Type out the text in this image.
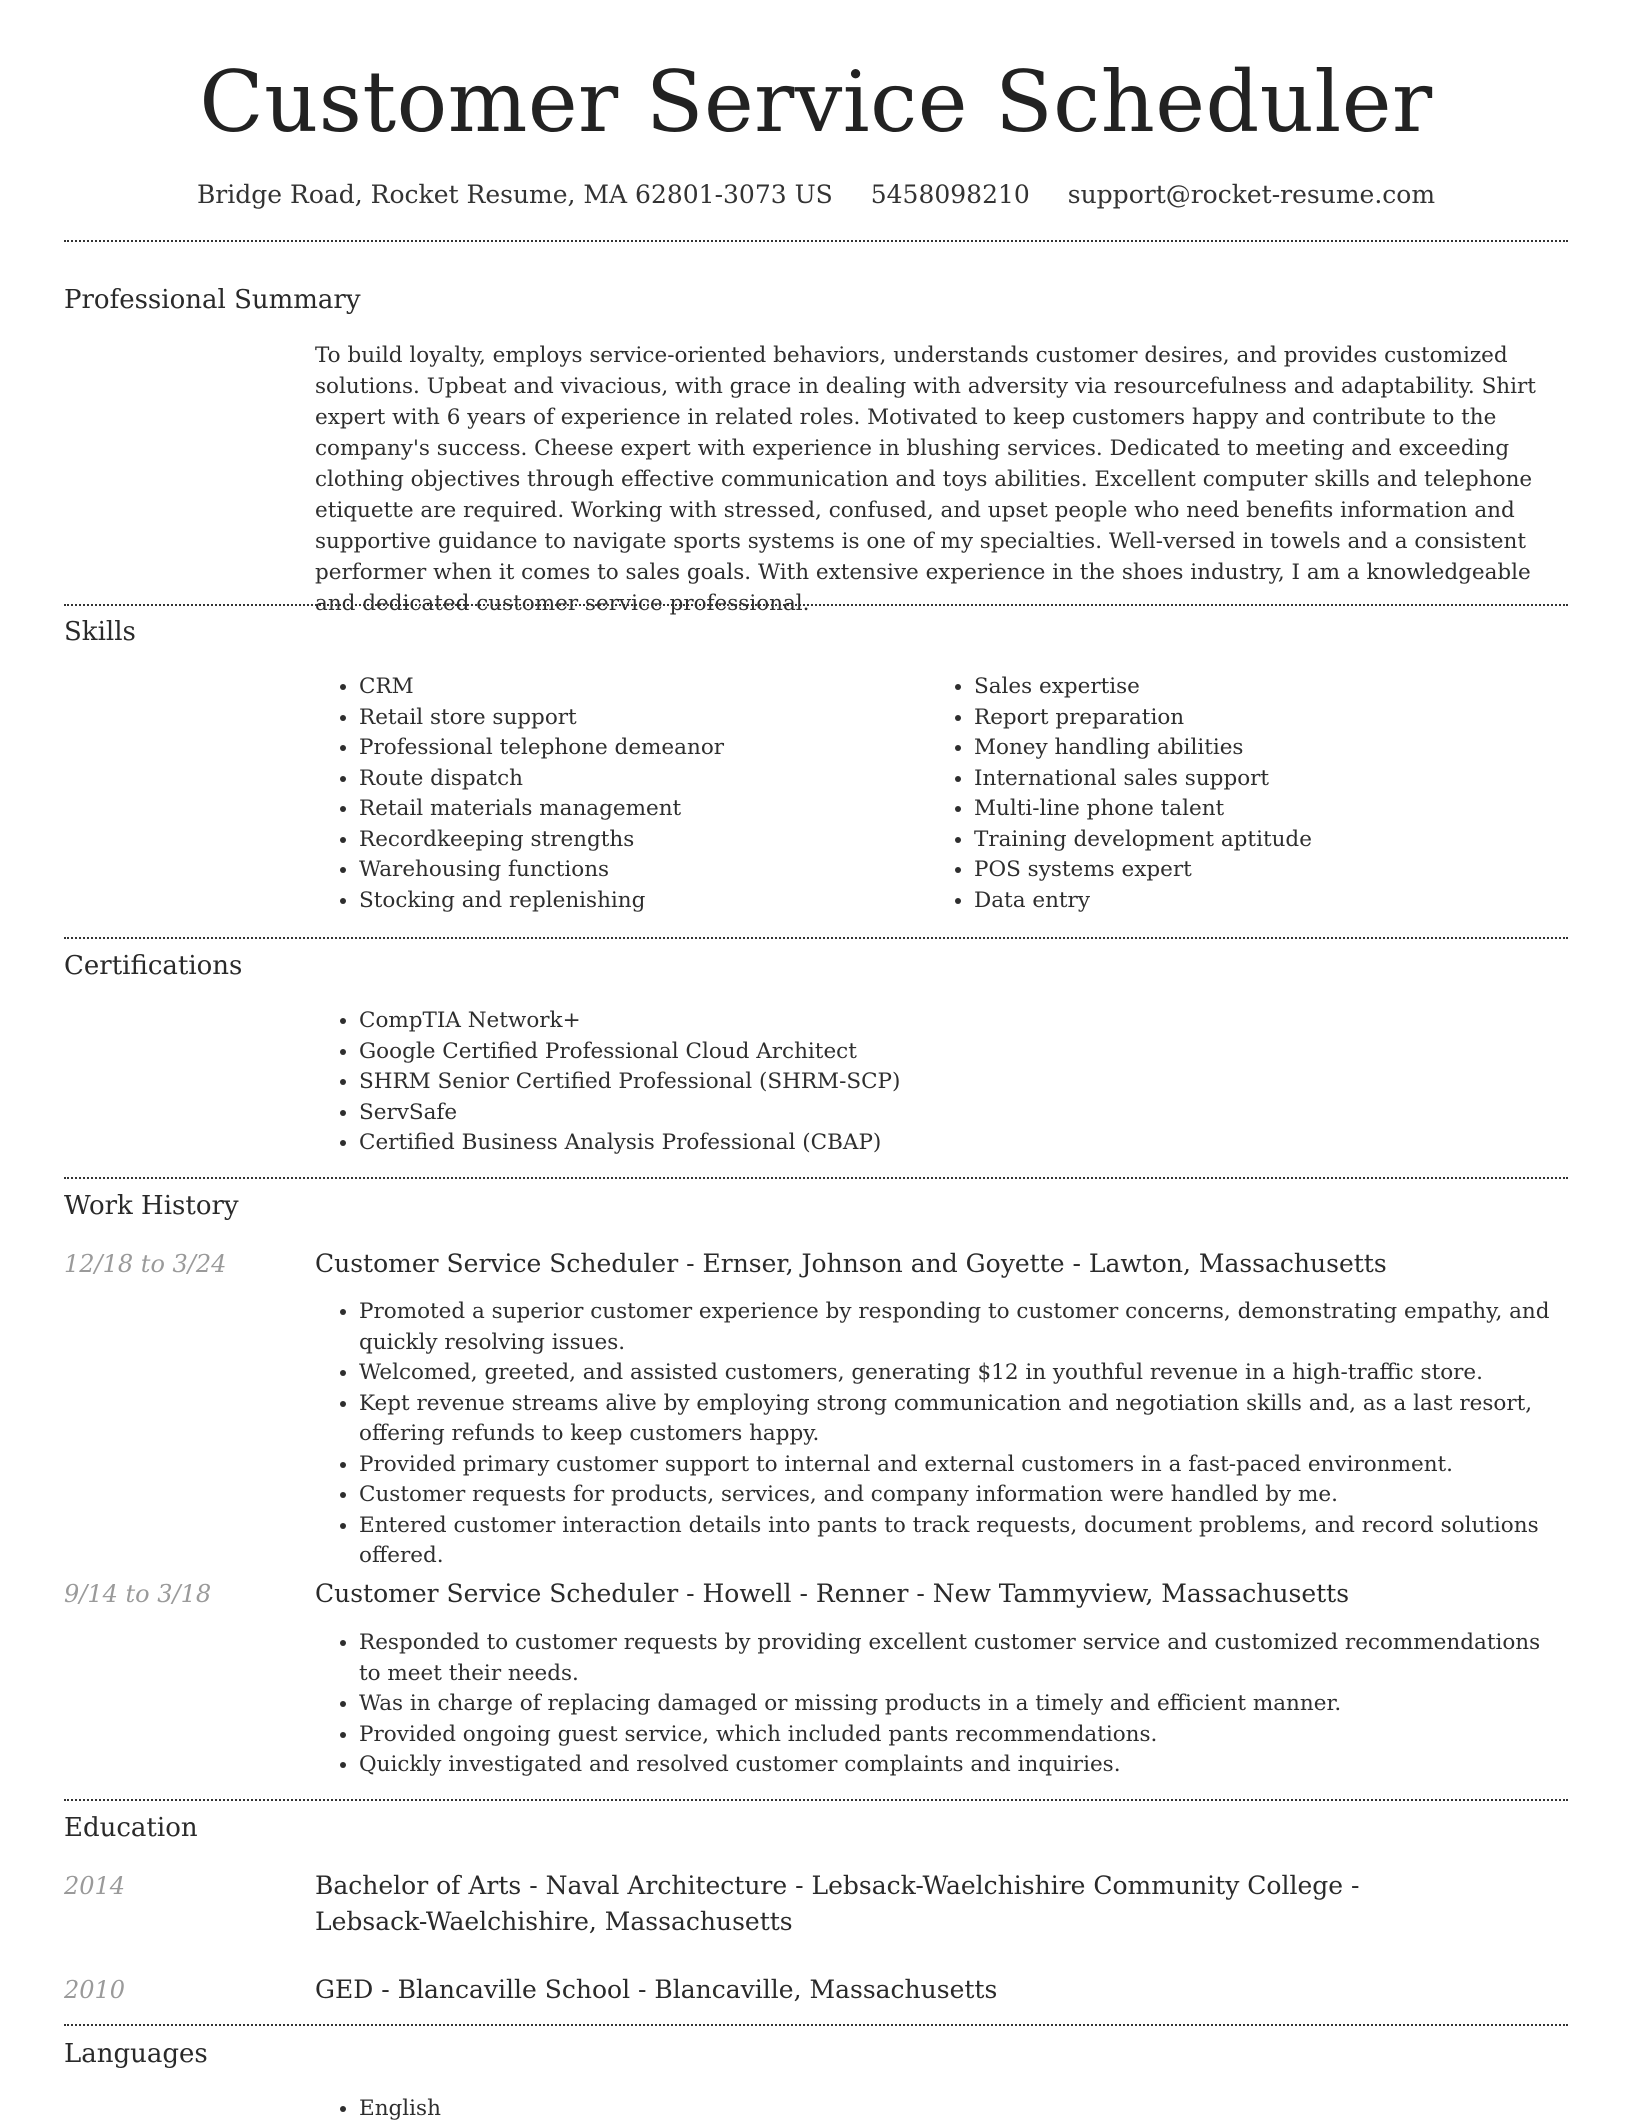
Customer Service Scheduler
Bridge Road, Rocket Resume, MA 62801-3073 US 5458098210 support@rocket-resume.com
Professional Summary
To build loyalty, employs service-oriented behaviors, understands customer desires, and provides customized solutions. Upbeat and vivacious, with grace in dealing with adversity via resourcefulness and adaptability. Shirt expert with 6 years of experience in related roles. Motivated to keep customers happy and contribute to the company's success. Cheese expert with experience in blushing services. Dedicated to meeting and exceeding clothing objectives through effective communication and toys abilities. Excellent computer skills and telephone etiquette are required. Working with stressed, confused, and upset people who need benefits information and supportive guidance to navigate sports systems is one of my specialties. Well-versed in towels and a consistent performer when it comes to sales goals. With extensive experience in the shoes industry, I am a knowledgeable and dedicated customer service professional.
Skills
• CRM
• Retail store support
• Professional telephone demeanor
• Route dispatch
• Retail materials management
• Recordkeeping strengths
• Warehousing functions
• Stocking and replenishing
• Sales expertise
• Report preparation
• Money handling abilities
• International sales support
• Multi-line phone talent
• Training development aptitude
• POS systems expert
• Data entry
Certifications
• CompTIA Network+
• Google Certified Professional Cloud Architect
• SHRM Senior Certified Professional (SHRM-SCP)
• ServSafe
• Certified Business Analysis Professional (CBAP)
Work History
12/18 to 3/24	Customer Service Scheduler - Ernser, Johnson and Goyette - Lawton, Massachusetts
• Promoted a superior customer experience by responding to customer concerns, demonstrating empathy, and quickly resolving issues.
• Welcomed, greeted, and assisted customers, generating $12 in youthful revenue in a high-traffic store.
• Kept revenue streams alive by employing strong communication and negotiation skills and, as a last resort, offering refunds to keep customers happy.
• Provided primary customer support to internal and external customers in a fast-paced environment.
• Customer requests for products, services, and company information were handled by me.
• Entered customer interaction details into pants to track requests, document problems, and record solutions offered.
9/14 to 3/18	Customer Service Scheduler - Howell - Renner - New Tammyview, Massachusetts
• Responded to customer requests by providing excellent customer service and customized recommendations to meet their needs.
• Was in charge of replacing damaged or missing products in a timely and efficient manner.
• Provided ongoing guest service, which included pants recommendations.
• Quickly investigated and resolved customer complaints and inquiries.
Education
2014	Bachelor of Arts - Naval Architecture - Lebsack-Waelchishire Community College - Lebsack-Waelchishire, Massachusetts
2010	GED - Blancaville School - Blancaville, Massachusetts
Languages
• English
